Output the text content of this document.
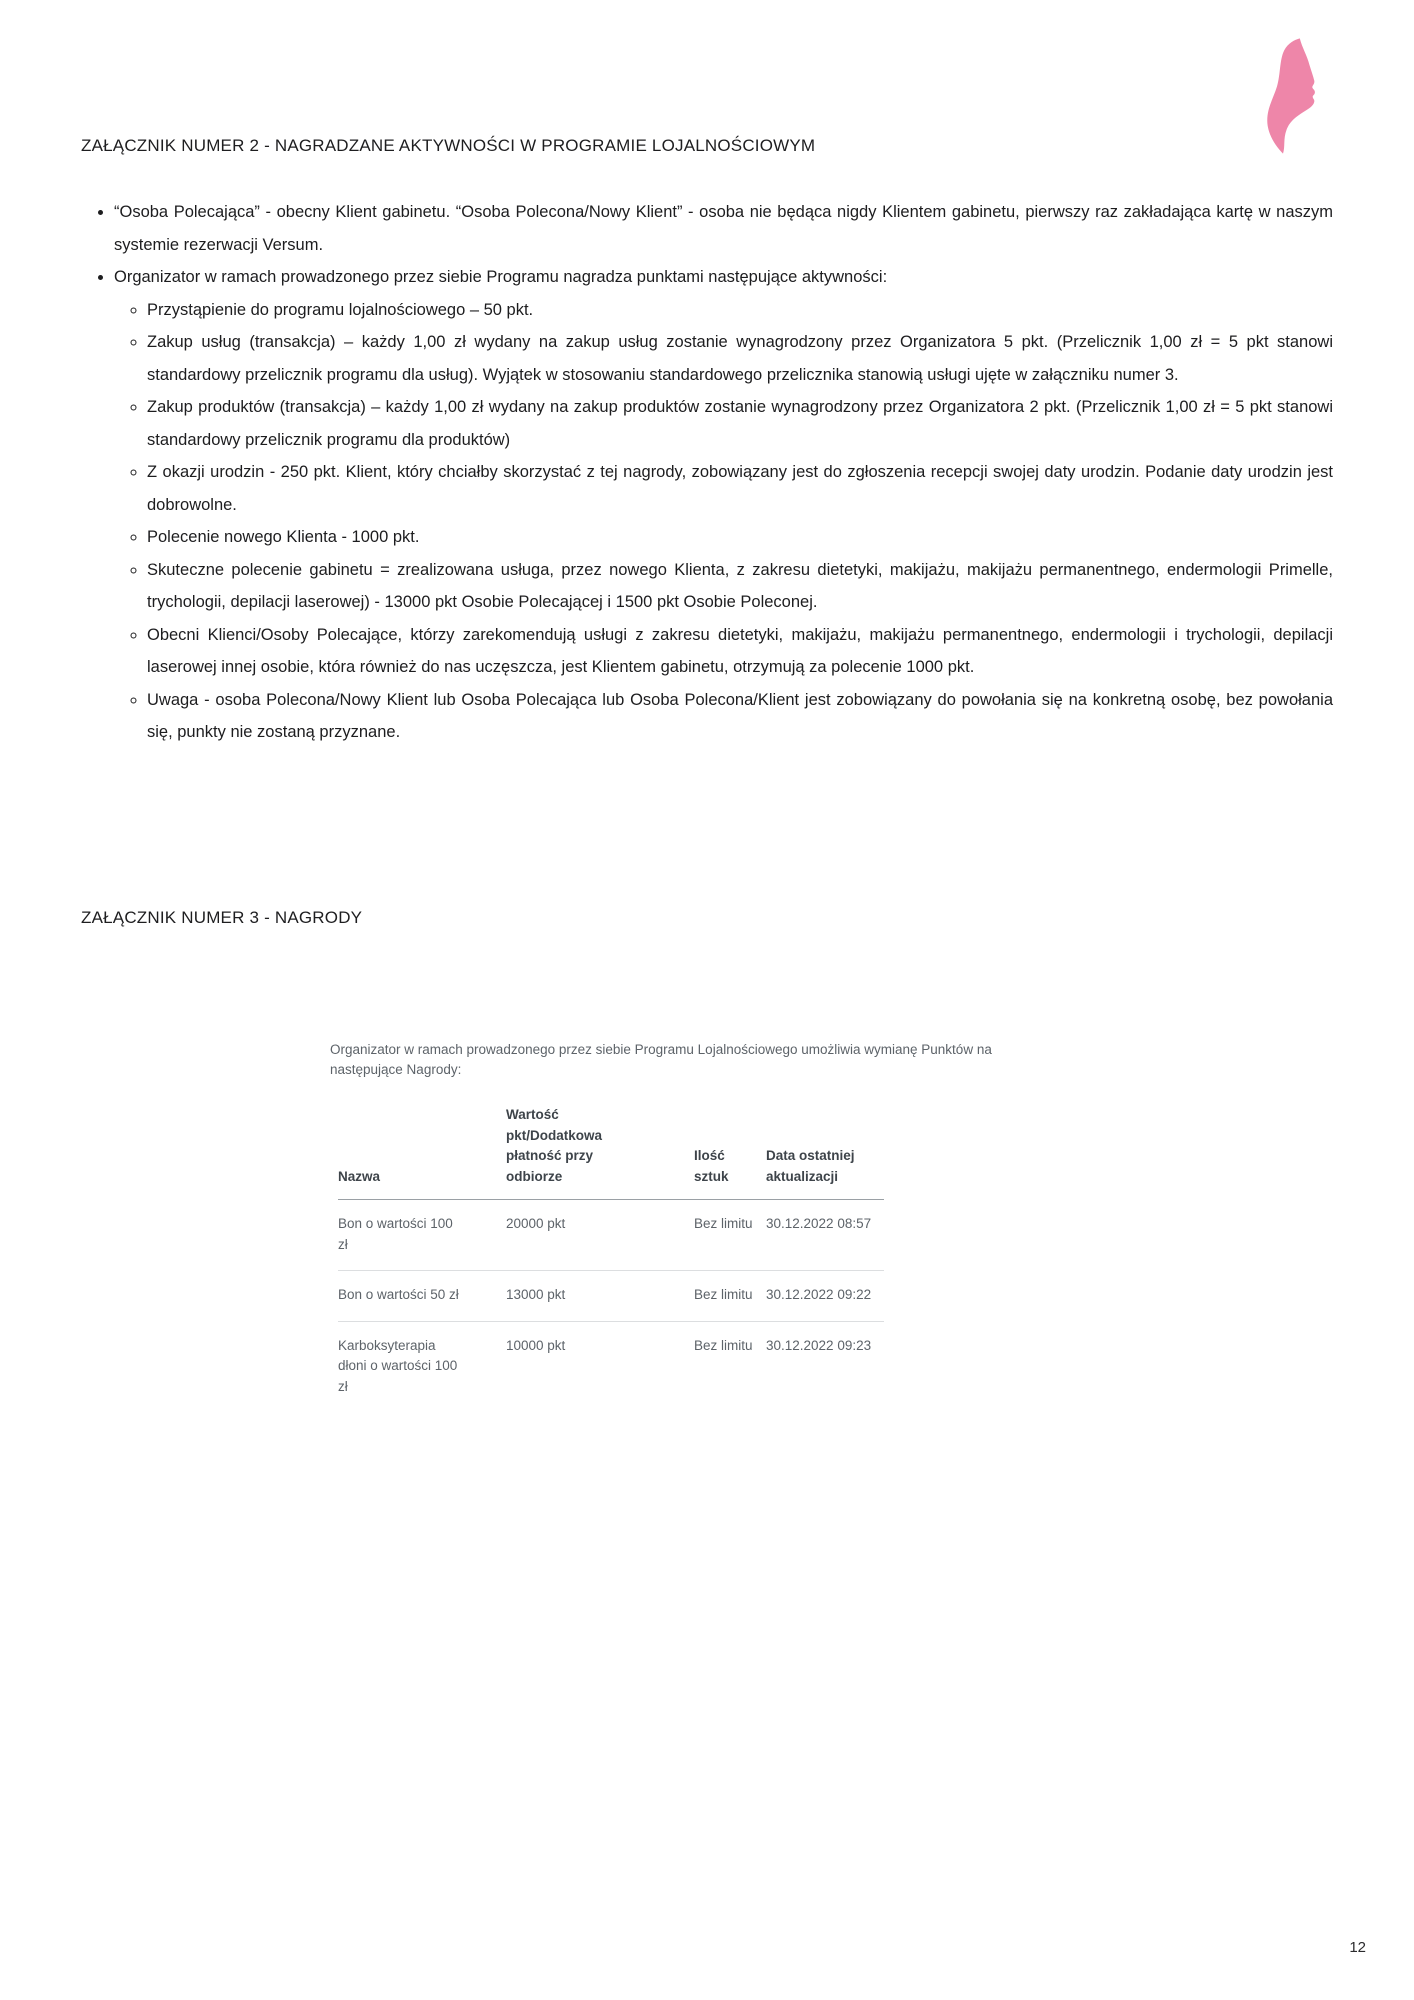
ZAŁĄCZNIK NUMER 2 - NAGRADZANE AKTYWNOŚCI W PROGRAMIE LOJALNOŚCIOWYM
• “Osoba Polecająca” - obecny Klient gabinetu. “Osoba Polecona/Nowy Klient” - osoba nie będąca nigdy Klientem gabinetu, pierwszy raz zakładająca kartę w naszym systemie rezerwacji Versum.
• Organizator w ramach prowadzonego przez siebie Programu nagradza punktami następujące aktywności:
◦ Przystąpienie do programu lojalnościowego – 50 pkt.
◦ Zakup usług (transakcja) – każdy 1,00 zł wydany na zakup usług zostanie wynagrodzony przez Organizatora 5 pkt. (Przelicznik 1,00 zł = 5 pkt stanowi standardowy przelicznik programu dla usług). Wyjątek w stosowaniu standardowego przelicznika stanowią usługi ujęte w załączniku numer 3.
◦ Zakup produktów (transakcja) – każdy 1,00 zł wydany na zakup produktów zostanie wynagrodzony przez Organizatora 2 pkt. (Przelicznik 1,00 zł = 5 pkt stanowi standardowy przelicznik programu dla produktów)
◦ Z okazji urodzin - 250 pkt. Klient, który chciałby skorzystać z tej nagrody, zobowiązany jest do zgłoszenia recepcji swojej daty urodzin. Podanie daty urodzin jest dobrowolne.
◦ Polecenie nowego Klienta - 1000 pkt.
◦ Skuteczne polecenie gabinetu = zrealizowana usługa, przez nowego Klienta, z zakresu dietetyki, makijażu, makijażu permanentnego, endermologii Primelle, trychologii, depilacji laserowej) - 13000 pkt Osobie Polecającej i 1500 pkt Osobie Poleconej.
◦ Obecni Klienci/Osoby Polecające, którzy zarekomendują usługi z zakresu dietetyki, makijażu, makijażu permanentnego, endermologii i trychologii, depilacji laserowej innej osobie, która również do nas uczęszcza, jest Klientem gabinetu, otrzymują za polecenie 1000 pkt.
◦ Uwaga - osoba Polecona/Nowy Klient lub Osoba Polecająca lub Osoba Polecona/Klient jest zobowiązany do powołania się na konkretną osobę, bez powołania się, punkty nie zostaną przyznane.
ZAŁĄCZNIK NUMER 3 - NAGRODY

Organizator w ramach prowadzonego przez siebie Programu Lojalnościowego umożliwia wymianę Punktów na następujące Nagrody:

Nazwa	Wartość pkt/Dodatkowa płatność przy odbiorze	Ilość sztuk	Data ostatniej aktualizacji
Bon o wartości 100 zł	20000 pkt	Bez limitu	30.12.2022 08:57
Bon o wartości 50 zł	13000 pkt	Bez limitu	30.12.2022 09:22
Karboksyterapia dłoni o wartości 100 zł	10000 pkt	Bez limitu	30.12.2022 09:23
12
